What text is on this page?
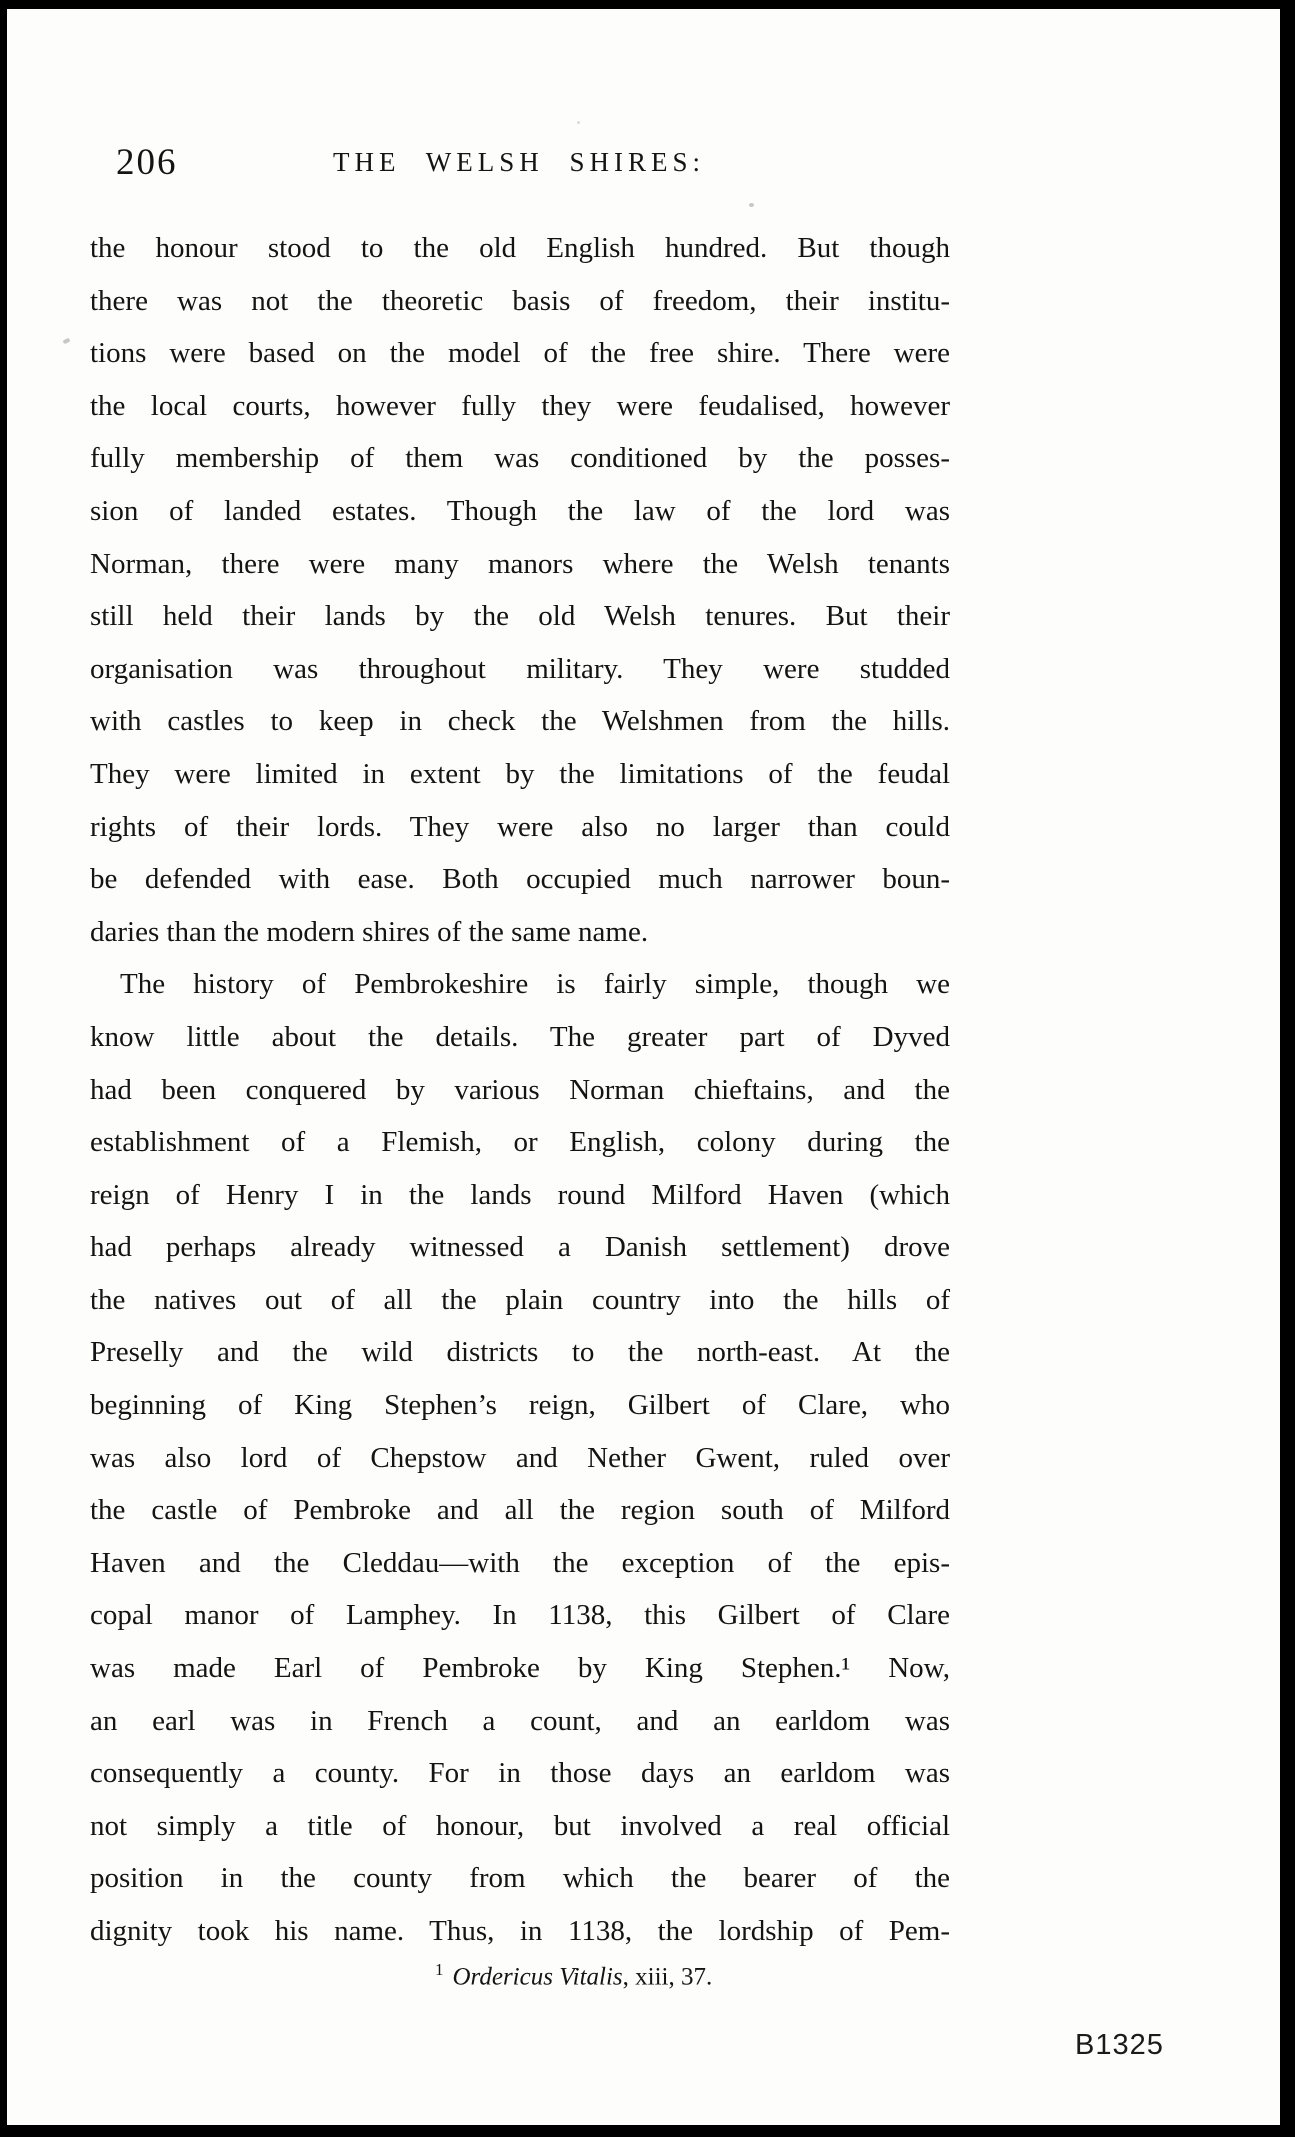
206	THE WELSH SHIRES:
the honour stood to the old English hundred. But though
there was not the theoretic basis of freedom, their institu-
tions were based on the model of the free shire. There were
the local courts, however fully they were feudalised, however
fully membership of them was conditioned by the posses-
sion of landed estates. Though the law of the lord was
Norman, there were many manors where the Welsh tenants
still held their lands by the old Welsh tenures. But their
organisation was throughout military. They were studded
with castles to keep in check the Welshmen from the hills.
They were limited in extent by the limitations of the feudal
rights of their lords. They were also no larger than could
be defended with ease. Both occupied much narrower boun-
daries than the modern shires of the same name.
The history of Pembrokeshire is fairly simple, though we
know little about the details. The greater part of Dyved
had been conquered by various Norman chieftains, and the
establishment of a Flemish, or English, colony during the
reign of Henry I in the lands round Milford Haven (which
had perhaps already witnessed a Danish settlement) drove
the natives out of all the plain country into the hills of
Preselly and the wild districts to the north-east. At the
beginning of King Stephen’s reign, Gilbert of Clare, who
was also lord of Chepstow and Nether Gwent, ruled over
the castle of Pembroke and all the region south of Milford
Haven and the Cleddau—with the exception of the epis-
copal manor of Lamphey. In 1138, this Gilbert of Clare
was made Earl of Pembroke by King Stephen.¹ Now,
an earl was in French a count, and an earldom was
consequently a county. For in those days an earldom was
not simply a title of honour, but involved a real official
position in the county from which the bearer of the
dignity took his name. Thus, in 1138, the lordship of Pem-
$^1$ Ordericus Vitalis, xiii, 37.
B1325
